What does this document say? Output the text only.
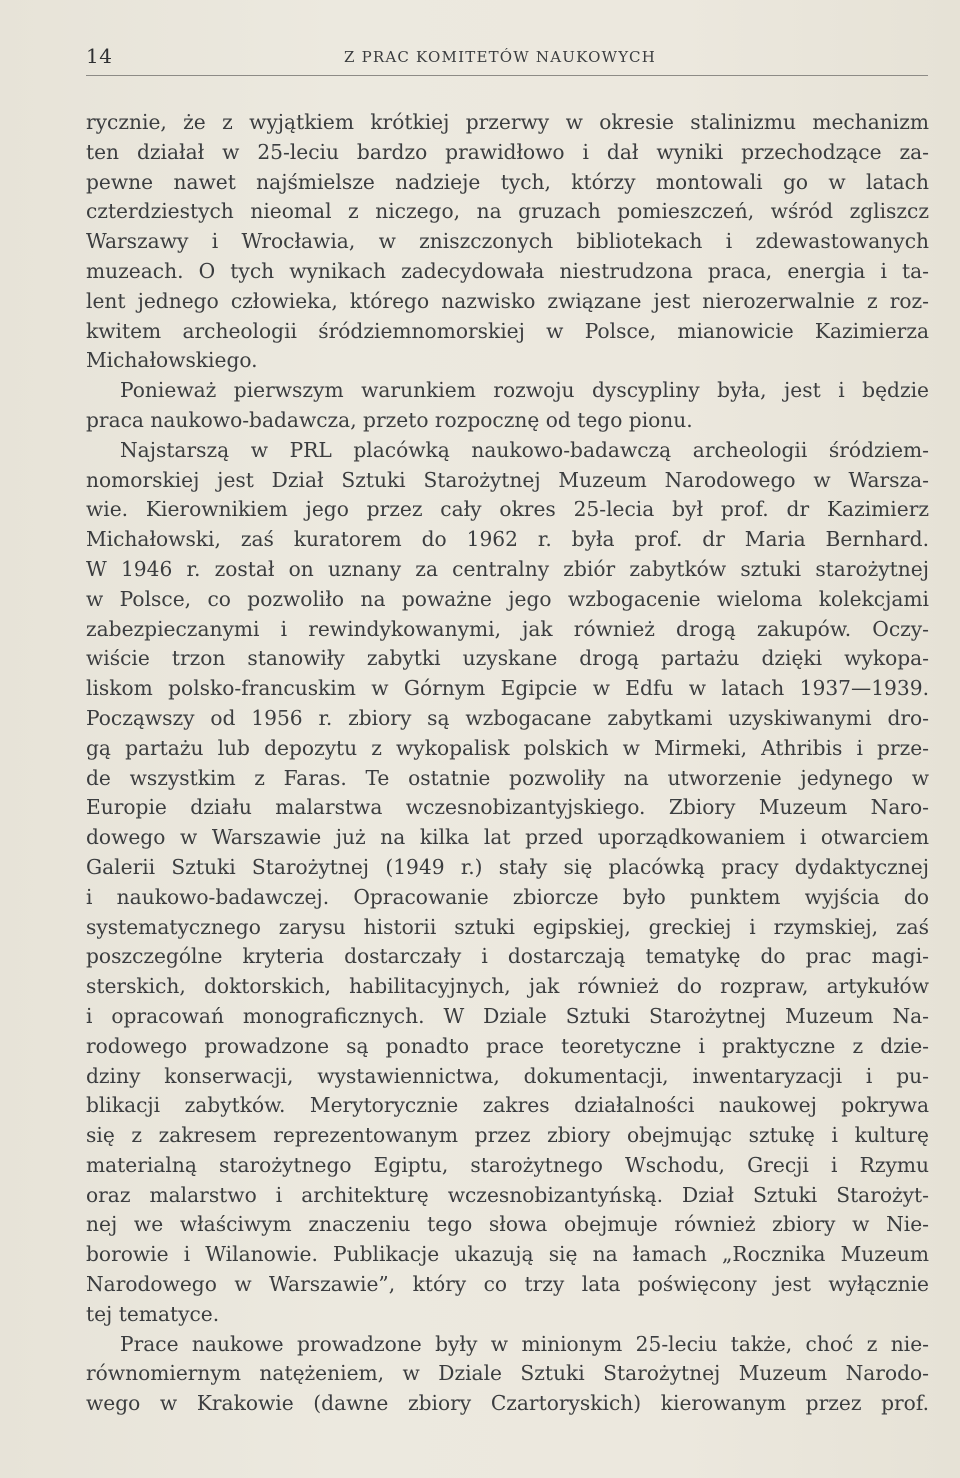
14	Z PRAC KOMITETÓW NAUKOWYCH
rycznie, że z wyjątkiem krótkiej przerwy w okresie stalinizmu mechanizm
ten działał w 25-leciu bardzo prawidłowo i dał wyniki przechodzące za-
pewne nawet najśmielsze nadzieje tych, którzy montowali go w latach
czterdziestych nieomal z niczego, na gruzach pomieszczeń, wśród zgliszcz
Warszawy i Wrocławia, w zniszczonych bibliotekach i zdewastowanych
muzeach. O tych wynikach zadecydowała niestrudzona praca, energia i ta-
lent jednego człowieka, którego nazwisko związane jest nierozerwalnie z roz-
kwitem archeologii śródziemnomorskiej w Polsce, mianowicie Kazimierza
Michałowskiego.
Ponieważ pierwszym warunkiem rozwoju dyscypliny była, jest i będzie
praca naukowo-badawcza, przeto rozpocznę od tego pionu.
Najstarszą w PRL placówką naukowo-badawczą archeologii śródziem-
nomorskiej jest Dział Sztuki Starożytnej Muzeum Narodowego w Warsza-
wie. Kierownikiem jego przez cały okres 25-lecia był prof. dr Kazimierz
Michałowski, zaś kuratorem do 1962 r. była prof. dr Maria Bernhard.
W 1946 r. został on uznany za centralny zbiór zabytków sztuki starożytnej
w Polsce, co pozwoliło na poważne jego wzbogacenie wieloma kolekcjami
zabezpieczanymi i rewindykowanymi, jak również drogą zakupów. Oczy-
wiście trzon stanowiły zabytki uzyskane drogą partażu dzięki wykopa-
liskom polsko-francuskim w Górnym Egipcie w Edfu w latach 1937—1939.
Począwszy od 1956 r. zbiory są wzbogacane zabytkami uzyskiwanymi dro-
gą partażu lub depozytu z wykopalisk polskich w Mirmeki, Athribis i prze-
de wszystkim z Faras. Te ostatnie pozwoliły na utworzenie jedynego w
Europie działu malarstwa wczesnobizantyjskiego. Zbiory Muzeum Naro-
dowego w Warszawie już na kilka lat przed uporządkowaniem i otwarciem
Galerii Sztuki Starożytnej (1949 r.) stały się placówką pracy dydaktycznej
i naukowo-badawczej. Opracowanie zbiorcze było punktem wyjścia do
systematycznego zarysu historii sztuki egipskiej, greckiej i rzymskiej, zaś
poszczególne kryteria dostarczały i dostarczają tematykę do prac magi-
sterskich, doktorskich, habilitacyjnych, jak również do rozpraw, artykułów
i opracowań monograficznych. W Dziale Sztuki Starożytnej Muzeum Na-
rodowego prowadzone są ponadto prace teoretyczne i praktyczne z dzie-
dziny konserwacji, wystawiennictwa, dokumentacji, inwentaryzacji i pu-
blikacji zabytków. Merytorycznie zakres działalności naukowej pokrywa
się z zakresem reprezentowanym przez zbiory obejmując sztukę i kulturę
materialną starożytnego Egiptu, starożytnego Wschodu, Grecji i Rzymu
oraz malarstwo i architekturę wczesnobizantyńską. Dział Sztuki Starożyt-
nej we właściwym znaczeniu tego słowa obejmuje również zbiory w Nie-
borowie i Wilanowie. Publikacje ukazują się na łamach „Rocznika Muzeum
Narodowego w Warszawie”, który co trzy lata poświęcony jest wyłącznie
tej tematyce.
Prace naukowe prowadzone były w minionym 25-leciu także, choć z nie-
równomiernym natężeniem, w Dziale Sztuki Starożytnej Muzeum Narodo-
wego w Krakowie (dawne zbiory Czartoryskich) kierowanym przez prof.
